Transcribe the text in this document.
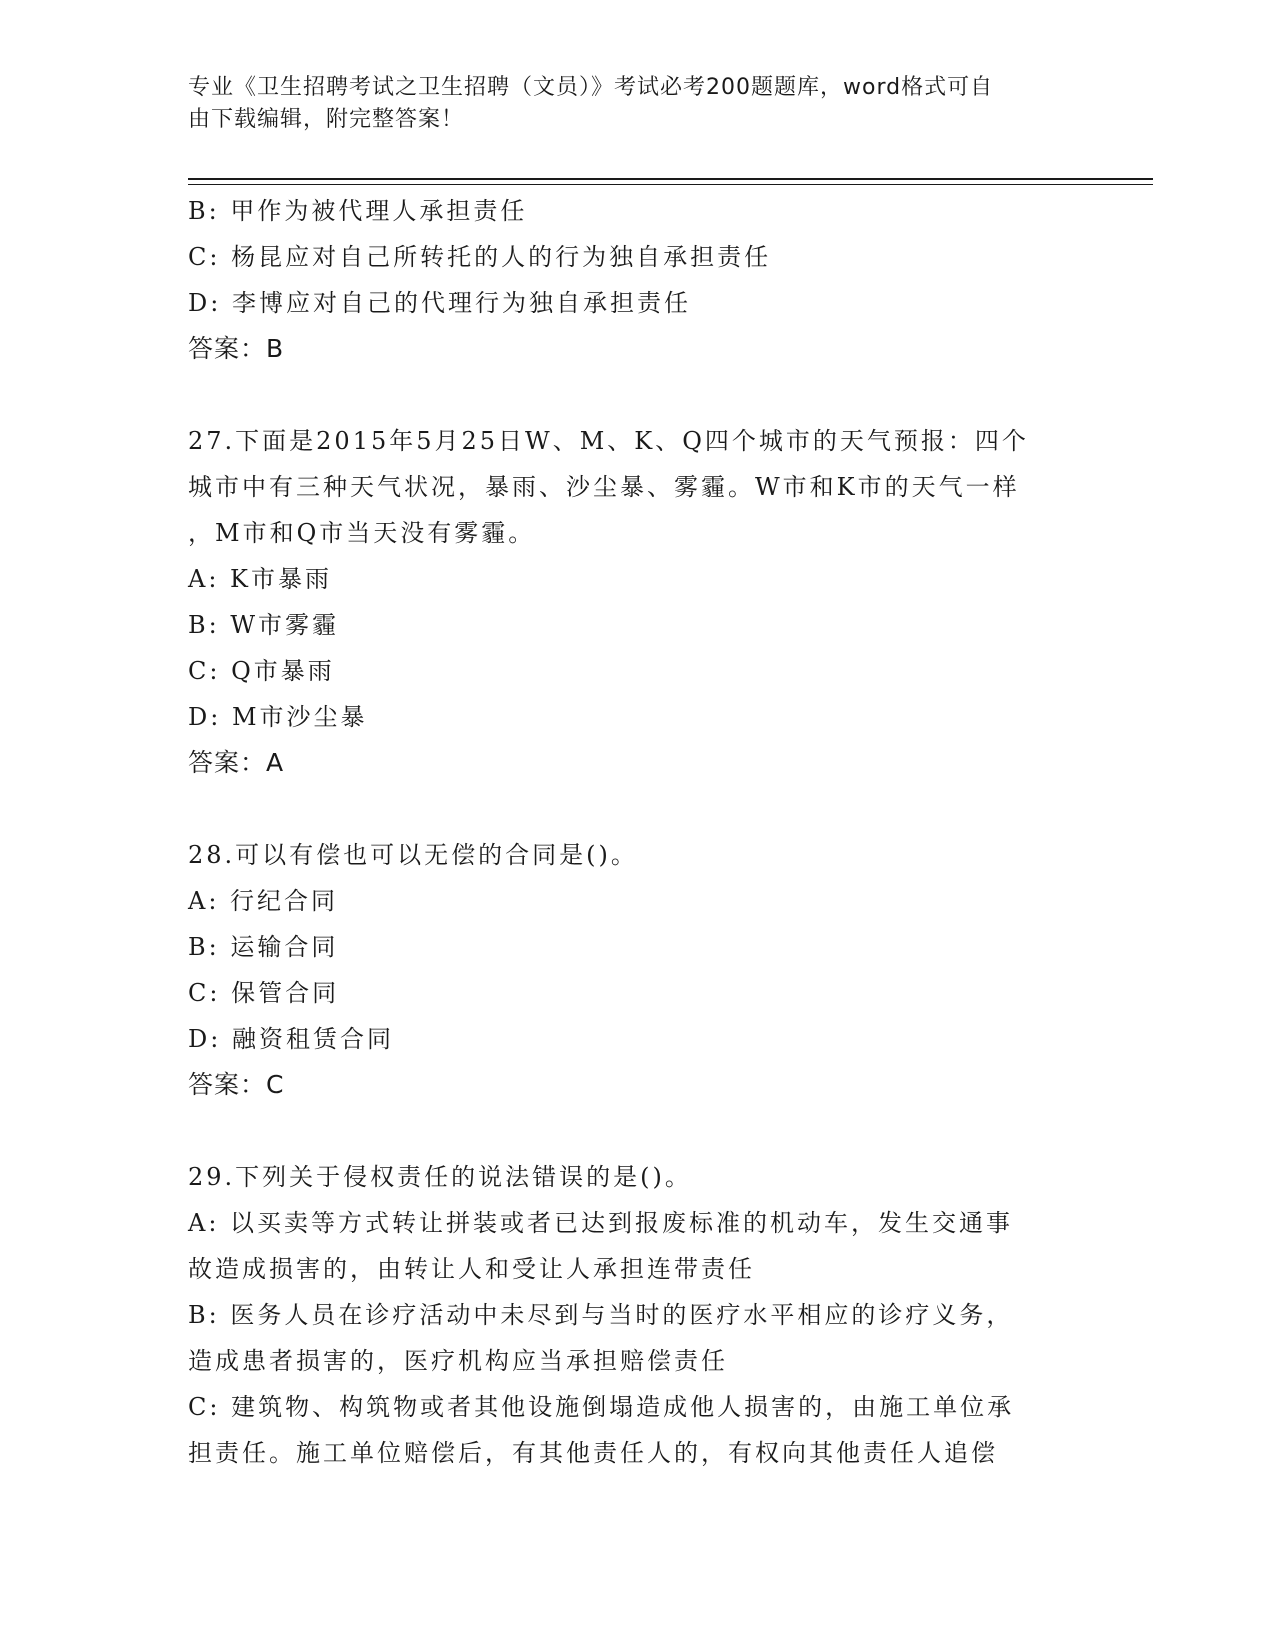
专业《卫生招聘考试之卫生招聘（文员）》考试必考200题题库，word格式可自
由下载编辑，附完整答案！
B: 甲作为被代理人承担责任
C: 杨昆应对自己所转托的人的行为独自承担责任
D: 李博应对自己的代理行为独自承担责任
答案：B
27.下面是2015年5月25日W、M、K、Q四个城市的天气预报：四个
城市中有三种天气状况，暴雨、沙尘暴、雾霾。W市和K市的天气一样
，M市和Q市当天没有雾霾。
A: K市暴雨
B: W市雾霾
C: Q市暴雨
D: M市沙尘暴
答案：A
28.可以有偿也可以无偿的合同是()。
A: 行纪合同
B: 运输合同
C: 保管合同
D: 融资租赁合同
答案：C
29.下列关于侵权责任的说法错误的是()。
A: 以买卖等方式转让拼装或者已达到报废标准的机动车，发生交通事
故造成损害的，由转让人和受让人承担连带责任
B: 医务人员在诊疗活动中未尽到与当时的医疗水平相应的诊疗义务，
造成患者损害的，医疗机构应当承担赔偿责任
C: 建筑物、构筑物或者其他设施倒塌造成他人损害的，由施工单位承
担责任。施工单位赔偿后，有其他责任人的，有权向其他责任人追偿
